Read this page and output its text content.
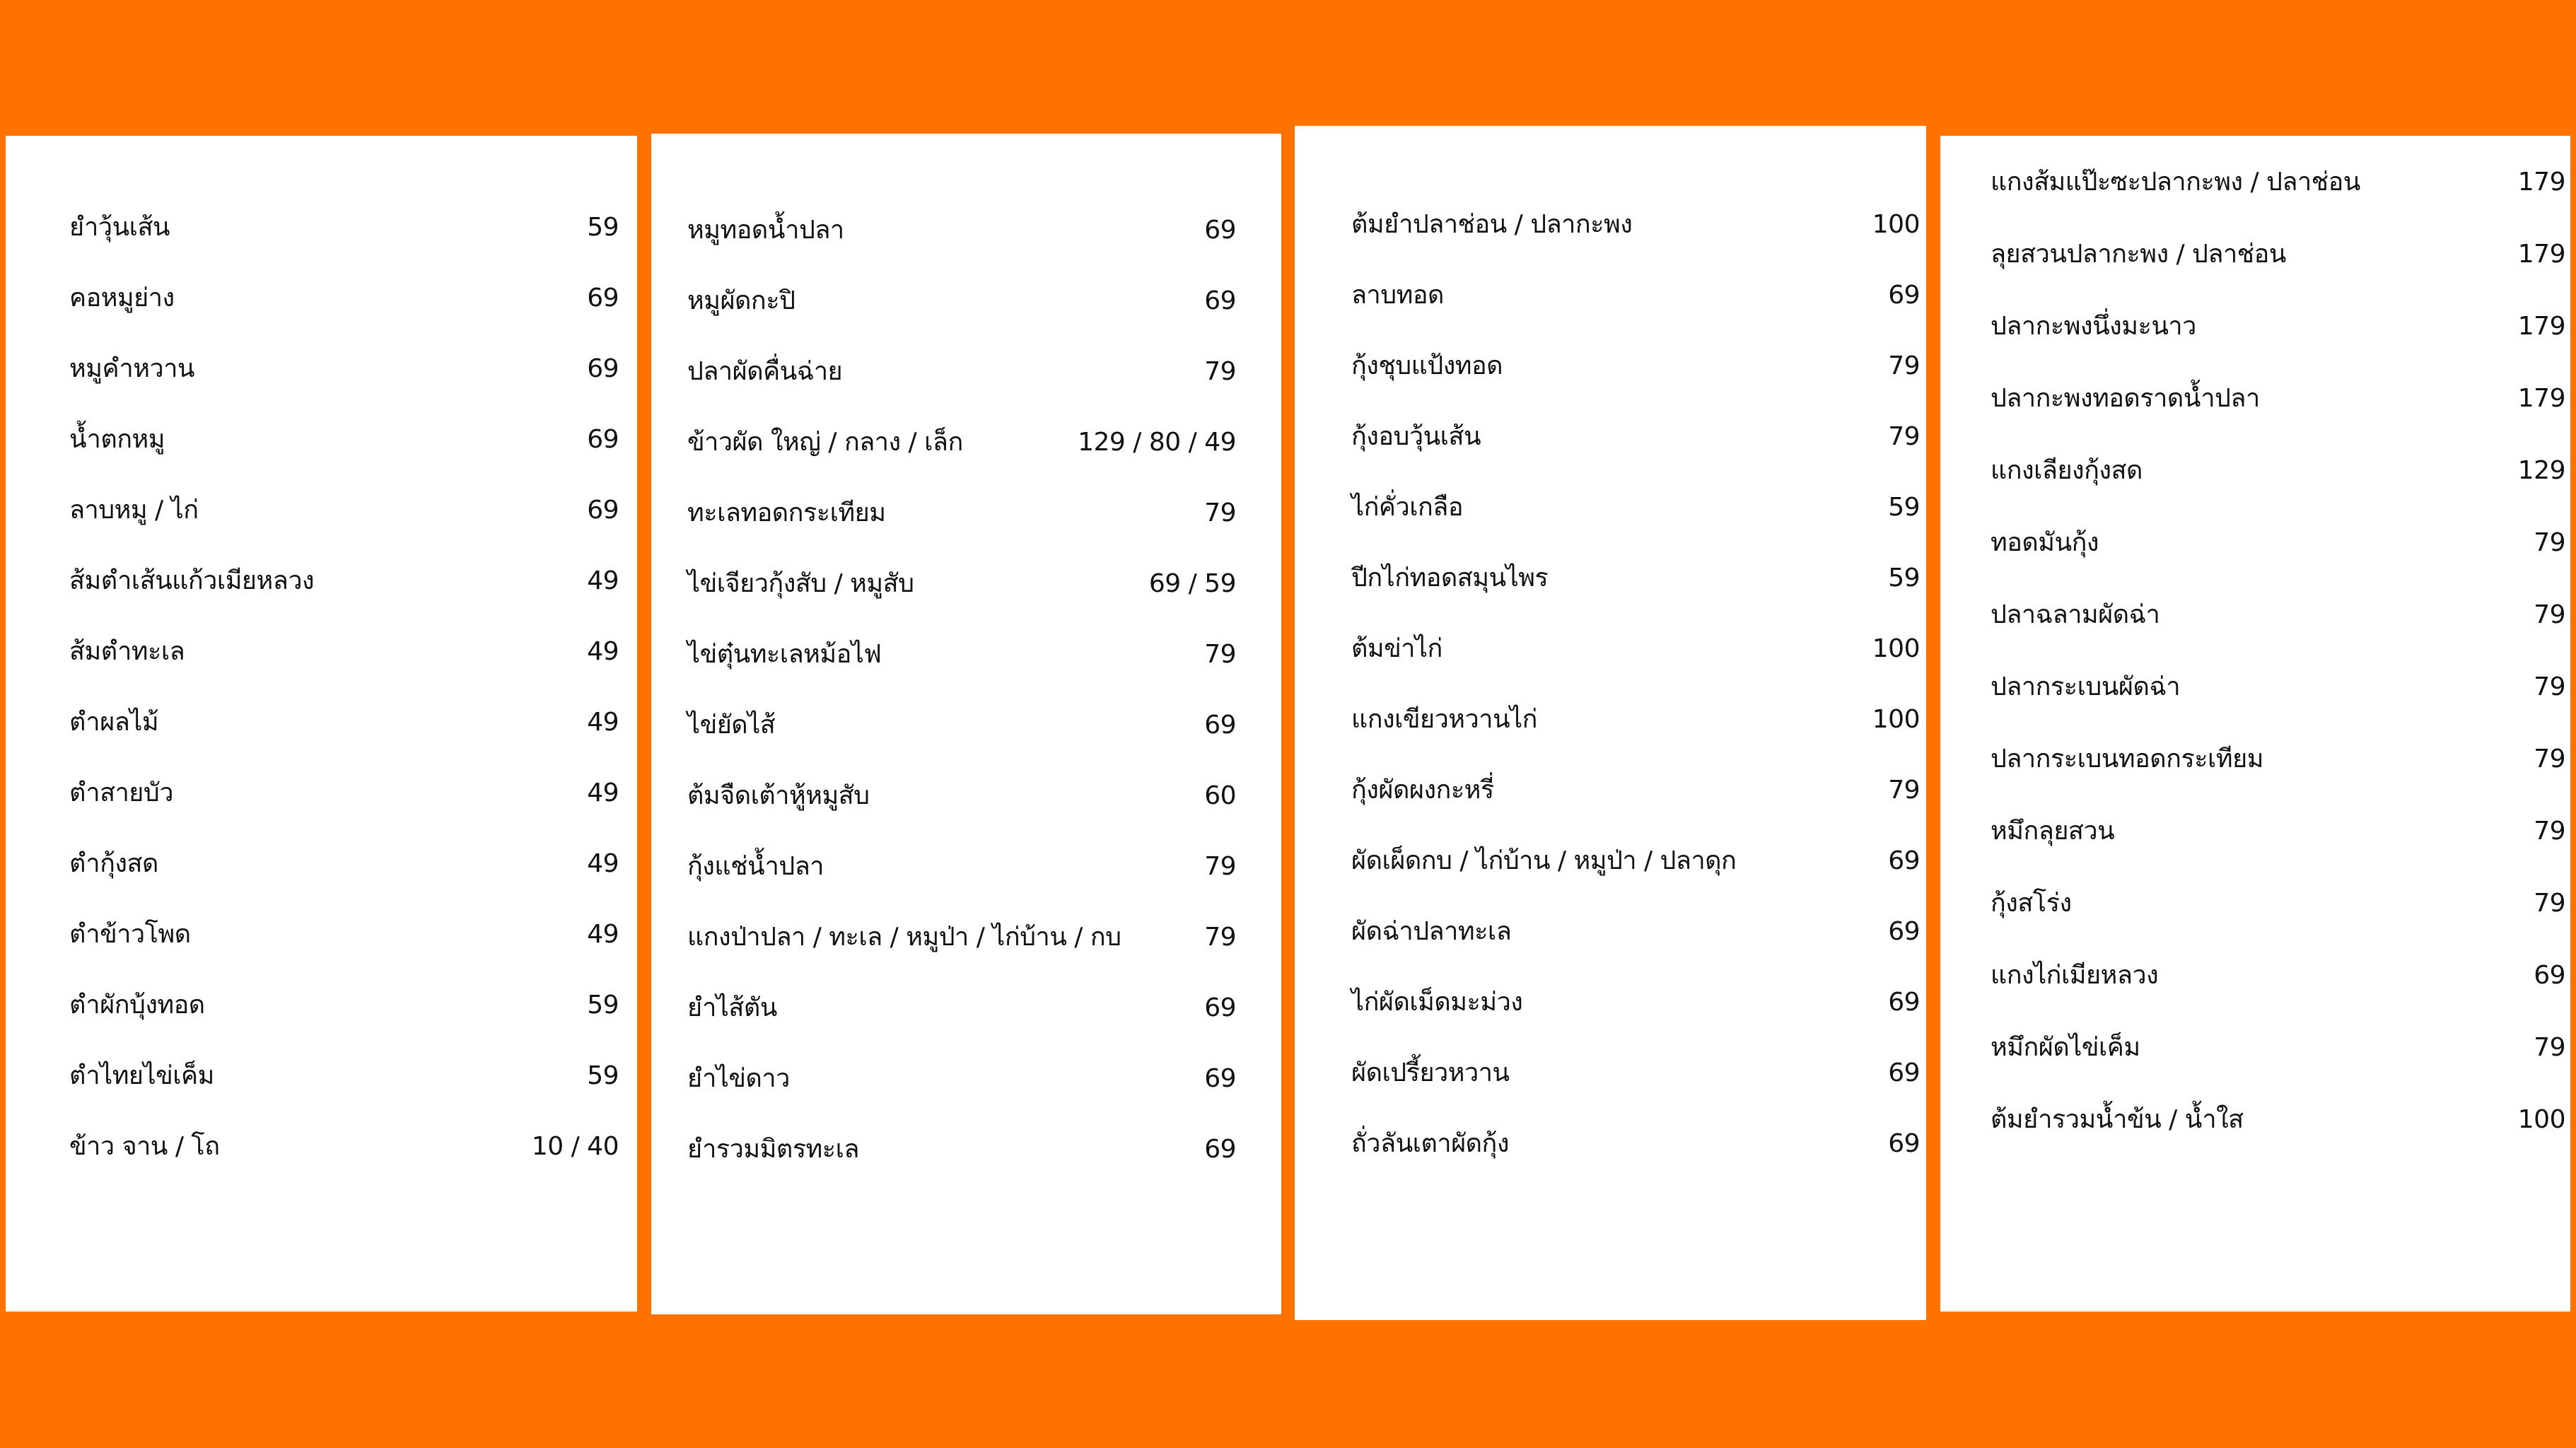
ยำวุ้นเส้น	59
คอหมูย่าง	69
หมูคำหวาน	69
น้ำตกหมู	69
ลาบหมู / ไก่	69
ส้มตำเส้นแก้วเมียหลวง	49
ส้มตำทะเล	49
ตำผลไม้	49
ตำสายบัว	49
ตำกุ้งสด	49
ตำข้าวโพด	49
ตำผักบุ้งทอด	59
ตำไทยไข่เค็ม	59
ข้าว จาน / โถ	10 / 40
หมูทอดน้ำปลา	69
หมูผัดกะปิ	69
ปลาผัดคื่นฉ่าย	79
ข้าวผัด ใหญ่ / กลาง / เล็ก	129 / 80 / 49
ทะเลทอดกระเทียม	79
ไข่เจียวกุ้งสับ / หมูสับ	69 / 59
ไข่ตุ๋นทะเลหม้อไฟ	79
ไข่ยัดไส้	69
ต้มจืดเต้าหู้หมูสับ	60
กุ้งแช่น้ำปลา	79
แกงป่าปลา / ทะเล / หมูป่า / ไก่บ้าน / กบ	79
ยำไส้ตัน	69
ยำไข่ดาว	69
ยำรวมมิตรทะเล	69
ต้มยำปลาช่อน / ปลากะพง	100
ลาบทอด	69
กุ้งชุบแป้งทอด	79
กุ้งอบวุ้นเส้น	79
ไก่คั่วเกลือ	59
ปีกไก่ทอดสมุนไพร	59
ต้มข่าไก่	100
แกงเขียวหวานไก่	100
กุ้งผัดผงกะหรี่	79
ผัดเผ็ดกบ / ไก่บ้าน / หมูป่า / ปลาดุก	69
ผัดฉ่าปลาทะเล	69
ไก่ผัดเม็ดมะม่วง	69
ผัดเปรี้ยวหวาน	69
ถั่วลันเตาผัดกุ้ง	69
แกงส้มแป๊ะซะปลากะพง / ปลาช่อน	179
ลุยสวนปลากะพง / ปลาช่อน	179
ปลากะพงนึ่งมะนาว	179
ปลากะพงทอดราดน้ำปลา	179
แกงเลียงกุ้งสด	129
ทอดมันกุ้ง	79
ปลาฉลามผัดฉ่า	79
ปลากระเบนผัดฉ่า	79
ปลากระเบนทอดกระเทียม	79
หมึกลุยสวน	79
กุ้งสโร่ง	79
แกงไก่เมียหลวง	69
หมึกผัดไข่เค็ม	79
ต้มยำรวมน้ำข้น / น้ำใส	100
